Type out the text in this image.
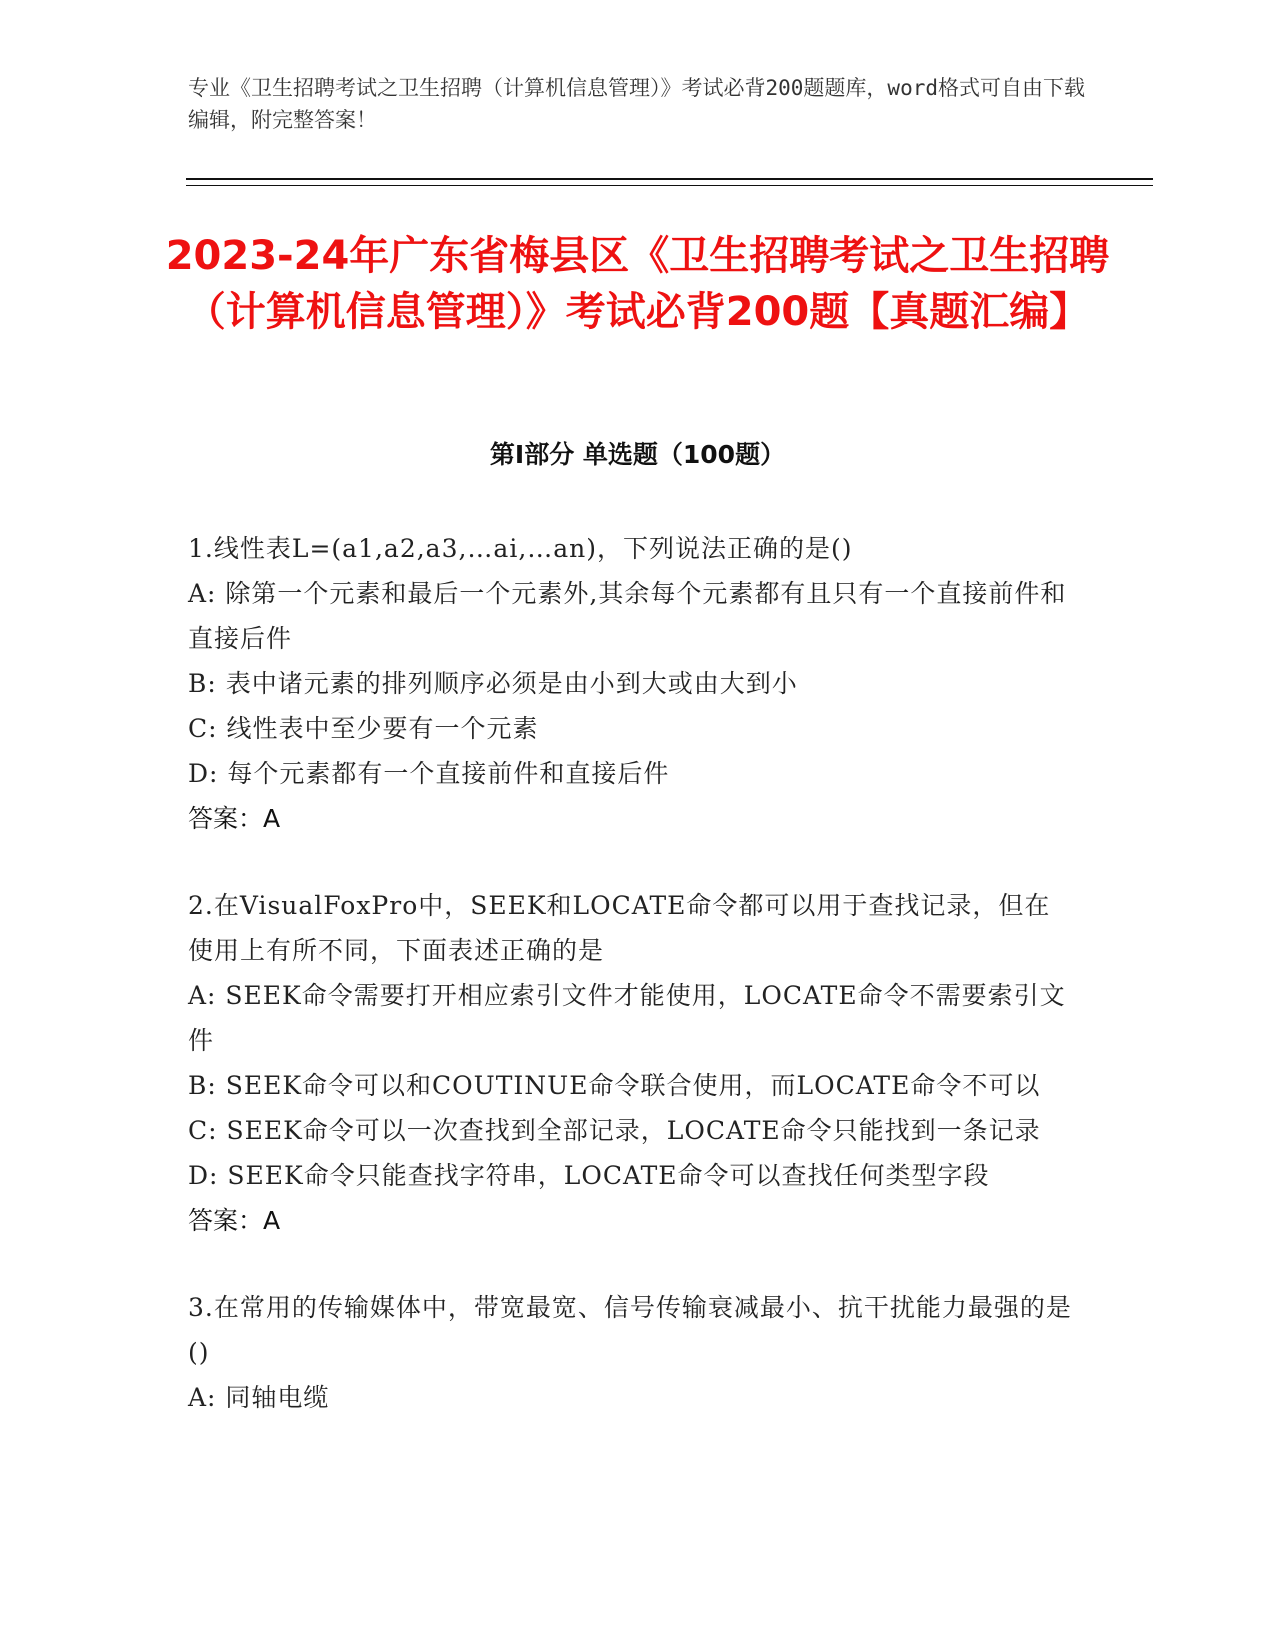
专业《卫生招聘考试之卫生招聘（计算机信息管理）》考试必背200题题库，word格式可自由下载编辑，附完整答案！
2023-24年广东省梅县区《卫生招聘考试之卫生招聘（计算机信息管理）》考试必背200题【真题汇编】
第Ⅰ部分 单选题（100题）
1.线性表L=(a1,a2,a3,…ai,…an)，下列说法正确的是()
A: 除第一个元素和最后一个元素外,其余每个元素都有且只有一个直接前件和直接后件
B: 表中诸元素的排列顺序必须是由小到大或由大到小
C: 线性表中至少要有一个元素
D: 每个元素都有一个直接前件和直接后件
答案：A
2.在VisualFoxPro中，SEEK和LOCATE命令都可以用于查找记录，但在使用上有所不同，下面表述正确的是
A: SEEK命令需要打开相应索引文件才能使用，LOCATE命令不需要索引文件
B: SEEK命令可以和COUTINUE命令联合使用，而LOCATE命令不可以
C: SEEK命令可以一次查找到全部记录，LOCATE命令只能找到一条记录
D: SEEK命令只能查找字符串，LOCATE命令可以查找任何类型字段
答案：A
3.在常用的传输媒体中，带宽最宽、信号传输衰减最小、抗干扰能力最强的是()
A: 同轴电缆
